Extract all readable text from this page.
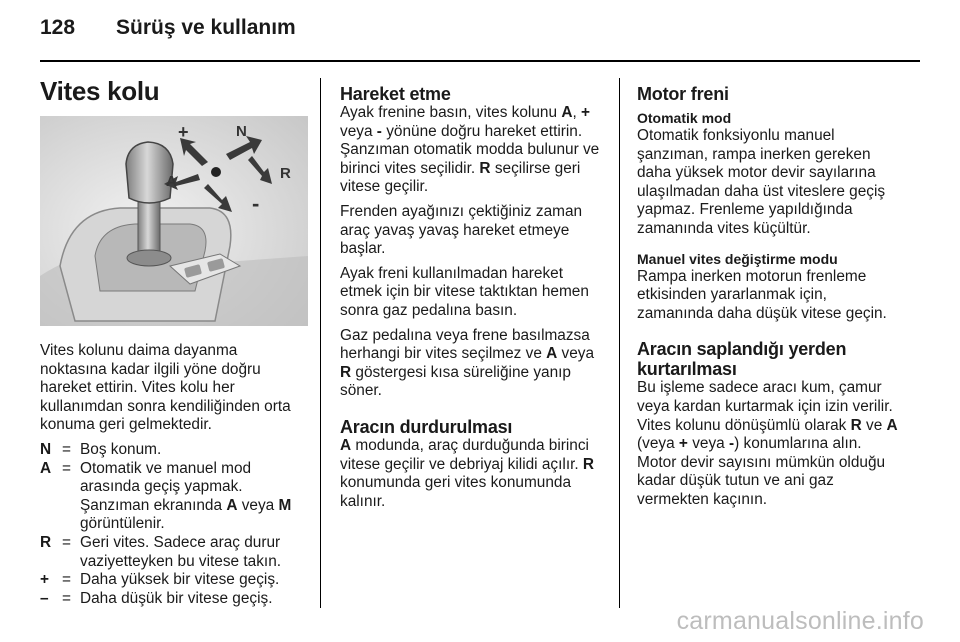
128 Sürüş ve kullanım
Vites kolu
+
-
N
A	R

Vites kolunu daima dayanma noktasına kadar ilgili yöne doğru hareket ettirin. Vites kolu her kullanımdan sonra kendiliğinden orta konuma geri gelmektedir.

N = Boş konum.
A = Otomatik ve manuel mod arasında geçiş yapmak. Şanzıman ekranında A veya M görüntülenir.
R = Geri vites. Sadece araç durur vaziyetteyken bu vitese takın.
+ = Daha yüksek bir vitese geçiş.
– = Daha düşük bir vitese geçiş.
Hareket etme

Ayak frenine basın, vites kolunu A, + veya - yönüne doğru hareket ettirin. Şanzıman otomatik modda bulunur ve birinci vites seçilidir. R seçilirse geri vitese geçilir.

Frenden ayağınızı çektiğiniz zaman araç yavaş yavaş hareket etmeye başlar.

Ayak freni kullanılmadan hareket etmek için bir vitese taktıktan hemen sonra gaz pedalına basın.

Gaz pedalına veya frene basılmazsa herhangi bir vites seçilmez ve A veya R göstergesi kısa süreliğine yanıp söner.

Aracın durdurulması

A modunda, araç durduğunda birinci vitese geçilir ve debriyaj kilidi açılır. R konumunda geri vites konumunda kalınır.

Motor freni
Otomatik mod

Otomatik fonksiyonlu manuel şanzıman, rampa inerken gereken daha yüksek motor devir sayılarına ulaşılmadan daha üst viteslere geçiş yapmaz. Frenleme yapıldığında zamanında vites küçültür.

Manuel vites değiştirme modu

Rampa inerken motorun frenleme etkisinden yararlanmak için, zamanında daha düşük vitese geçin.

Aracın saplandığı yerden kurtarılması

Bu işleme sadece aracı kum, çamur veya kardan kurtarmak için izin verilir. Vites kolunu dönüşümlü olarak R ve A (veya + veya -) konumlarına alın. Motor devir sayısını mümkün olduğu kadar düşük tutun ve ani gaz vermekten kaçının.

carmanualsonline.info
